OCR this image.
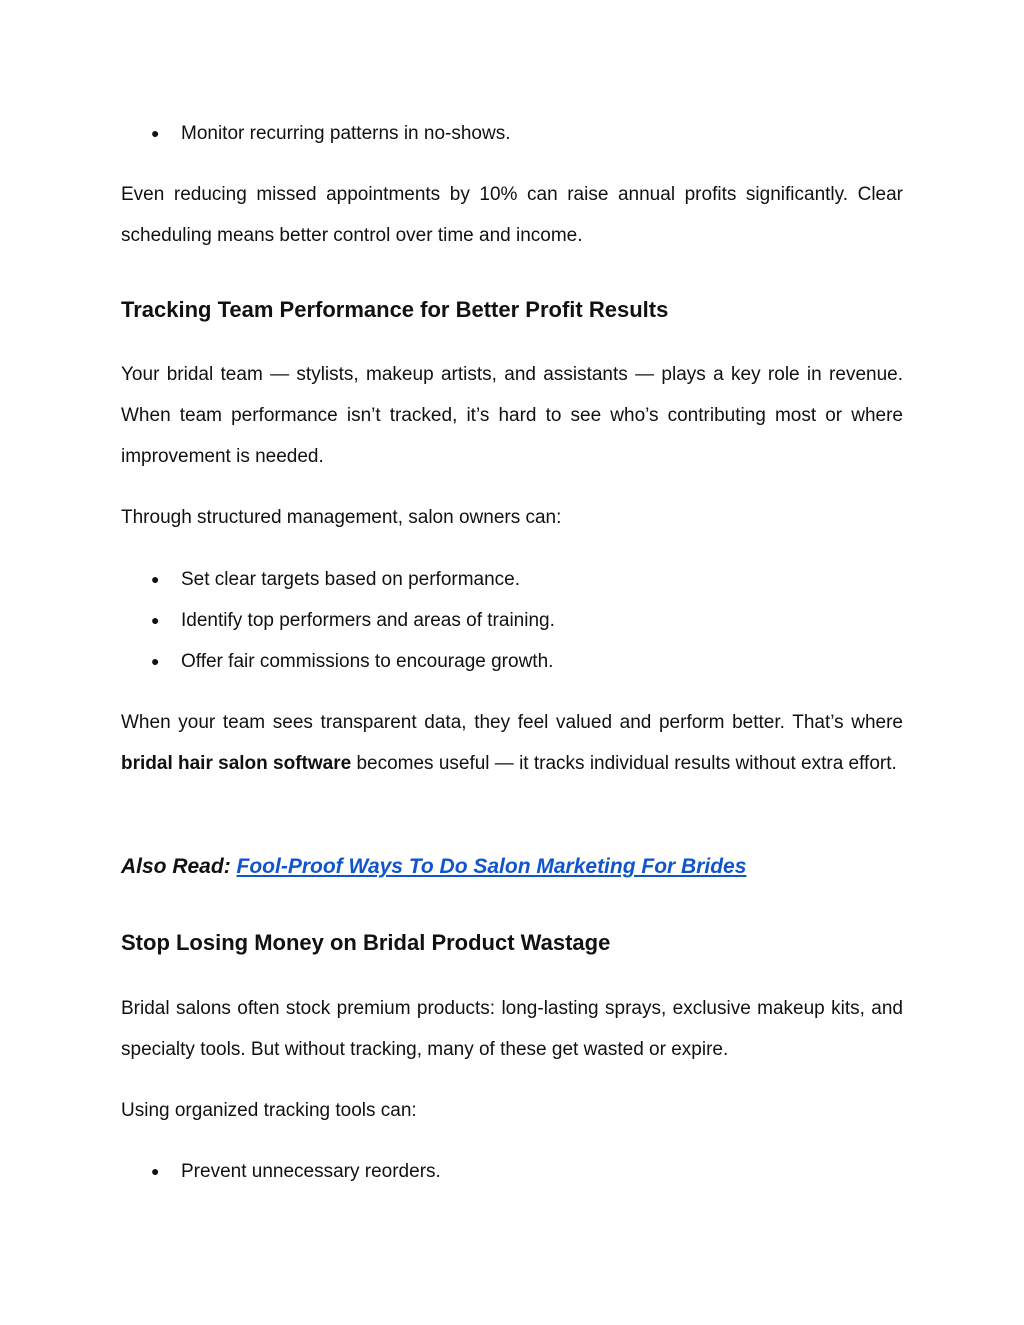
● Monitor recurring patterns in no-shows.

Even reducing missed appointments by 10% can raise annual profits significantly. Clear scheduling means better control over time and income.

Tracking Team Performance for Better Profit Results

Your bridal team — stylists, makeup artists, and assistants — plays a key role in revenue. When team performance isn’t tracked, it’s hard to see who’s contributing most or where improvement is needed.

Through structured management, salon owners can:

● Set clear targets based on performance.
● Identify top performers and areas of training.
● Offer fair commissions to encourage growth.

When your team sees transparent data, they feel valued and perform better. That’s where bridal hair salon software becomes useful — it tracks individual results without extra effort.

Also Read: Fool-Proof Ways To Do Salon Marketing For Brides

Stop Losing Money on Bridal Product Wastage

Bridal salons often stock premium products: long-lasting sprays, exclusive makeup kits, and specialty tools. But without tracking, many of these get wasted or expire.

Using organized tracking tools can:

● Prevent unnecessary reorders.
